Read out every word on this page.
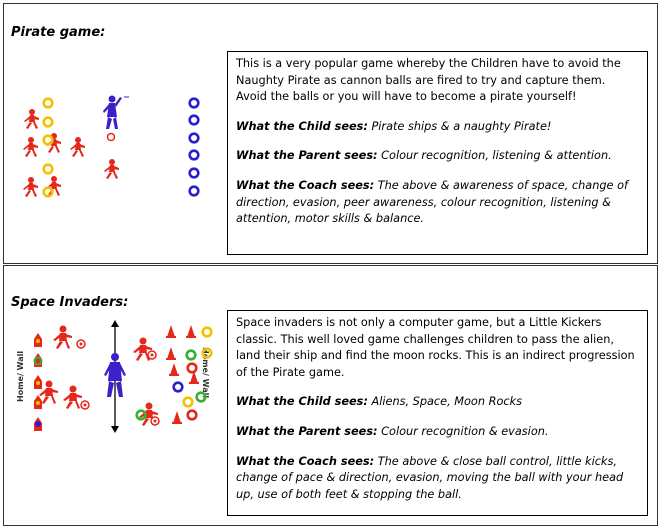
Pirate game:

This is a very popular game whereby the Children have to avoid the Naughty Pirate as cannon balls are fired to try and capture them. Avoid the balls or you will have to become a pirate yourself!

What the Child sees: Pirate ships & a naughty Pirate!

What the Parent sees: Colour recognition, listening & attention.

What the Coach sees: The above & awareness of space, change of direction, evasion, peer awareness, colour recognition, listening & attention, motor skills & balance.

Space Invaders:
Home/ Wall	Home/ Wall

Space invaders is not only a computer game, but a Little Kickers classic. This well loved game challenges children to pass the alien, land their ship and find the moon rocks. This is an indirect progression of the Pirate game.

What the Child sees: Aliens, Space, Moon Rocks

What the Parent sees: Colour recognition & evasion.

What the Coach sees: The above & close ball control, little kicks, change of pace & direction, evasion, moving the ball with your head up, use of both feet & stopping the ball.
